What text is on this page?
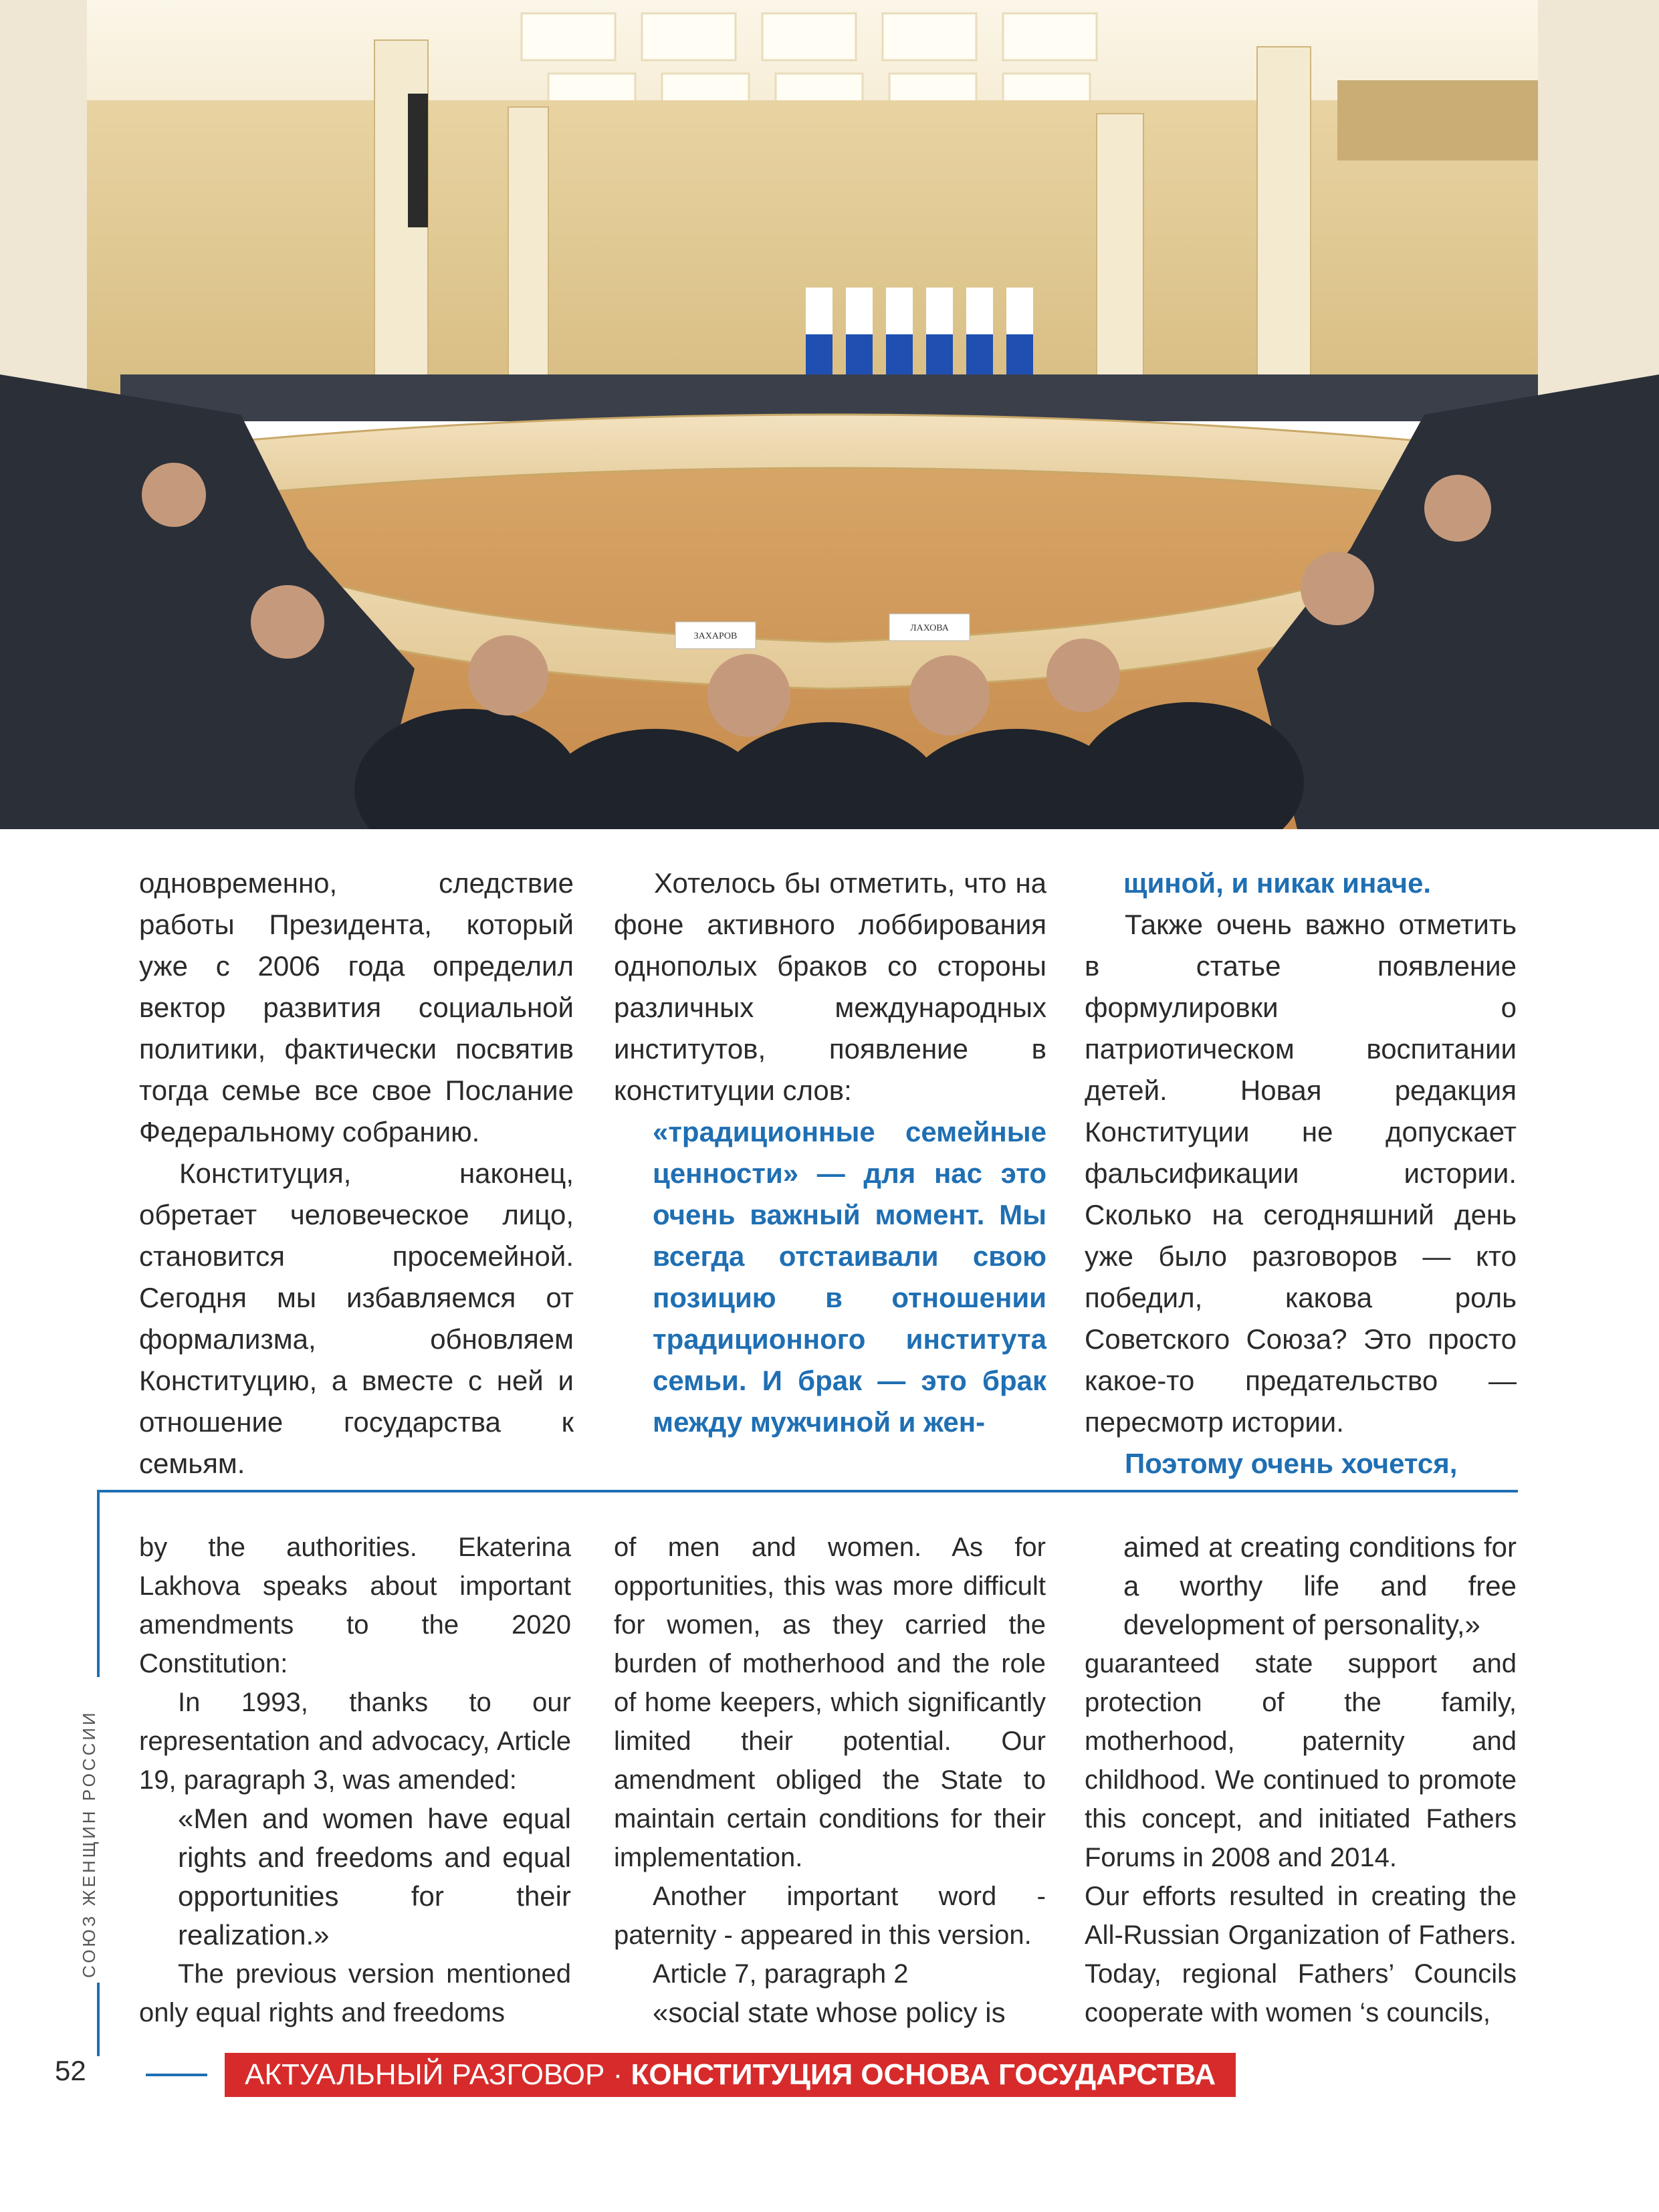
ЗАХАРОВ
ЛАХОВА

одновременно, следствие работы Президента, который уже с 2006 года определил вектор развития социальной политики, фактически посвятив тогда семье все свое Послание Федеральному собранию.

Конституция, наконец, обретает человеческое лицо, становится просемейной. Сегодня мы избавляемся от формализма, обновляем Конституцию, а вместе с ней и отношение государства к семьям.

Хотелось бы отметить, что на фоне активного лоббирования однополых браков со стороны различных международных институтов, появление в конституции слов:

«традиционные семейные ценности» — для нас это очень важный момент. Мы всегда отстаивали свою позицию в отношении традиционного института семьи. И брак — это брак между мужчиной и жен-

щиной, и никак иначе.

Также очень важно отметить в статье появление формулировки о патриотическом воспитании детей. Новая редакция Конституции не допускает фальсификации истории. Сколько на сегодняшний день уже было разговоров — кто победил, какова роль Советского Союза? Это просто какое-то предательство — пересмотр истории.

Поэтому очень хочется,

СОЮЗ ЖЕНЩИН РОССИИ

by the authorities. Ekaterina Lakhova speaks about important amendments to the 2020 Constitution:

In 1993, thanks to our representation and advocacy, Article 19, paragraph 3, was amended:

«Men and women have equal rights and freedoms and equal opportunities for their realization.»

The previous version mentioned only equal rights and freedoms

of men and women. As for opportunities, this was more difficult for women, as they carried the burden of motherhood and the role of home keepers, which significantly limited their potential. Our amendment obliged the State to maintain certain conditions for their implementation.

Another important word - paternity - appeared in this version.

Article 7, paragraph 2

«social state whose policy is

aimed at creating conditions for a worthy life and free development of personality,»

guaranteed state support and protection of the family, motherhood, paternity and childhood. We continued to promote this concept, and initiated Fathers Forums in 2008 and 2014.

Our efforts resulted in creating the All-Russian Organization of Fathers. Today, regional Fathers’ Councils cooperate with women ‘s councils,

52	АКТУАЛЬНЫЙ РАЗГОВОР · КОНСТИТУЦИЯ ОСНОВА ГОСУДАРСТВА
